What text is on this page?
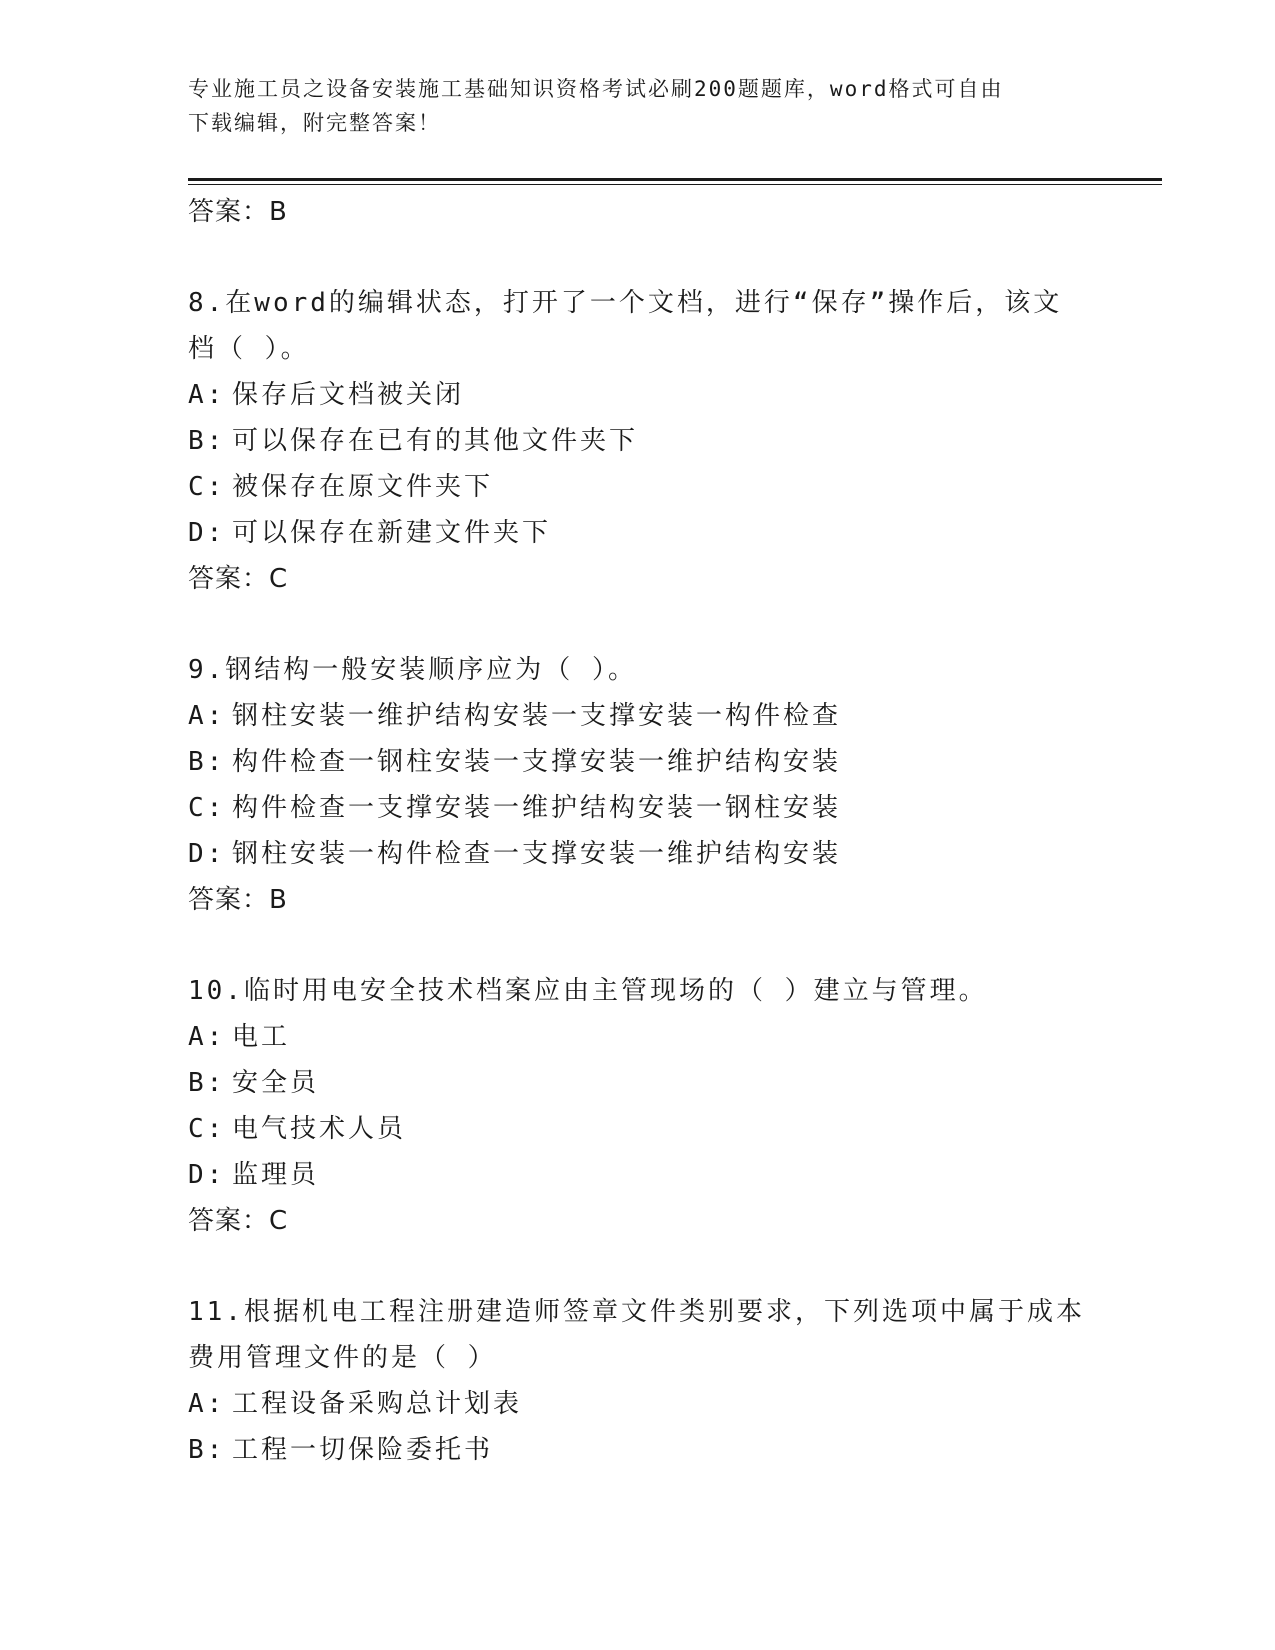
专业施工员之设备安装施工基础知识资格考试必刷200题题库，word格式可自由
下载编辑，附完整答案！
答案：B
8.在word的编辑状态，打开了一个文档，进行“保存”操作后，该文
档（ ）。
A: 保存后文档被关闭
B: 可以保存在已有的其他文件夹下
C: 被保存在原文件夹下
D: 可以保存在新建文件夹下
答案：C
9.钢结构一般安装顺序应为（ ）。
A: 钢柱安装一维护结构安装一支撑安装一构件检查
B: 构件检查一钢柱安装一支撑安装一维护结构安装
C: 构件检查一支撑安装一维护结构安装一钢柱安装
D: 钢柱安装一构件检查一支撑安装一维护结构安装
答案：B
10.临时用电安全技术档案应由主管现场的（ ）建立与管理。
A: 电工
B: 安全员
C: 电气技术人员
D: 监理员
答案：C
11.根据机电工程注册建造师签章文件类别要求，下列选项中属于成本
费用管理文件的是（ ）
A: 工程设备采购总计划表
B: 工程一切保险委托书
